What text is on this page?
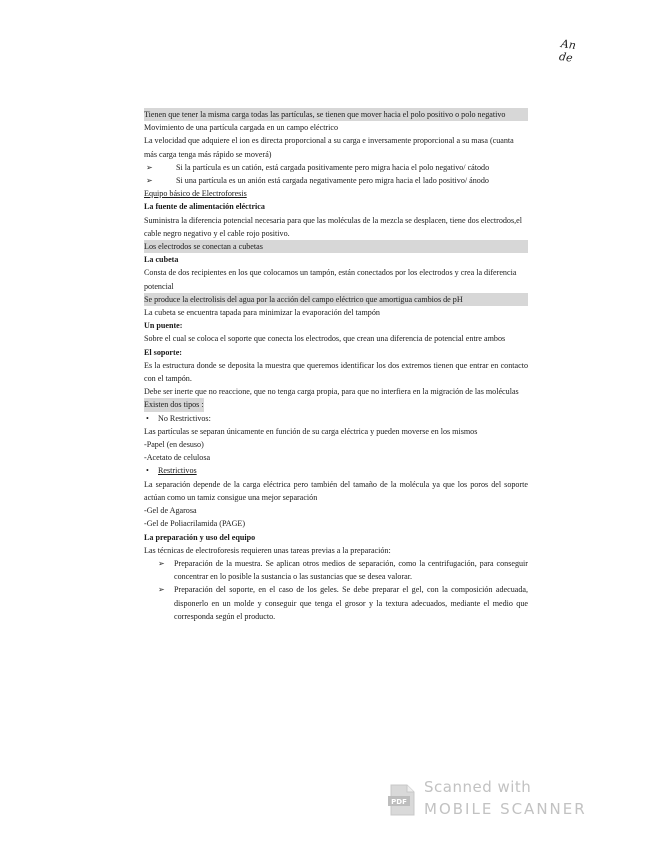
An
de

Tienen que tener la misma carga todas las partículas, se tienen que mover hacia el polo positivo o polo negativo

Movimiento de una partícula cargada en un campo eléctrico

La velocidad que adquiere el ion es directa proporcional a su carga e inversamente proporcional a su masa (cuanta más carga tenga más rápido se moverá)

➢	Si la partícula es un catión, está cargada positivamente pero migra hacia el polo negativo/ cátodo

➢	Si una partícula es un anión está cargada negativamente pero migra hacia el lado positivo/ ánodo

Equipo básico de Electroforesis

La fuente de alimentación eléctrica

Suministra la diferencia potencial necesaria para que las moléculas de la mezcla se desplacen, tiene dos electrodos,el cable negro negativo y el cable rojo positivo.

Los electrodos se conectan a cubetas

La cubeta

Consta de dos recipientes en los que colocamos un tampón, están conectados por los electrodos y crea la diferencia potencial

Se produce la electrolisis del agua por la acción del campo eléctrico que amortigua cambios de pH

La cubeta se encuentra tapada para minimizar la evaporación del tampón

Un puente:

Sobre el cual se coloca el soporte que conecta los electrodos, que crean una diferencia de potencial entre ambos

El soporte:

Es la estructura donde se deposita la muestra que queremos identificar los dos extremos tienen que entrar en contacto con el tampón.

Debe ser inerte que no reaccione, que no tenga carga propia, para que no interfiera en la migración de las moléculas

Existen dos tipos :

• No Restrictivos:

Las partículas se separan únicamente en función de su carga eléctrica y pueden moverse en los mismos

-Papel (en desuso)

-Acetato de celulosa

• Restrictivos

La separación depende de la carga eléctrica pero también del tamaño de la molécula ya que los poros del soporte actúan como un tamiz consigue una mejor separación

-Gel de Agarosa

-Gel de Poliacrilamida (PAGE)

La preparación y uso del equipo

Las técnicas de electroforesis requieren unas tareas previas a la preparación:

➢ Preparación de la muestra. Se aplican otros medios de separación, como la centrifugación, para conseguir concentrar en lo posible la sustancia o las sustancias que se desea valorar.

➢ Preparación del soporte, en el caso de los geles. Se debe preparar el gel, con la composición adecuada, disponerlo en un molde y conseguir que tenga el grosor y la textura adecuados, mediante el medio que corresponda según el producto.

PDF
Scanned with
MOBILE SCANNER
